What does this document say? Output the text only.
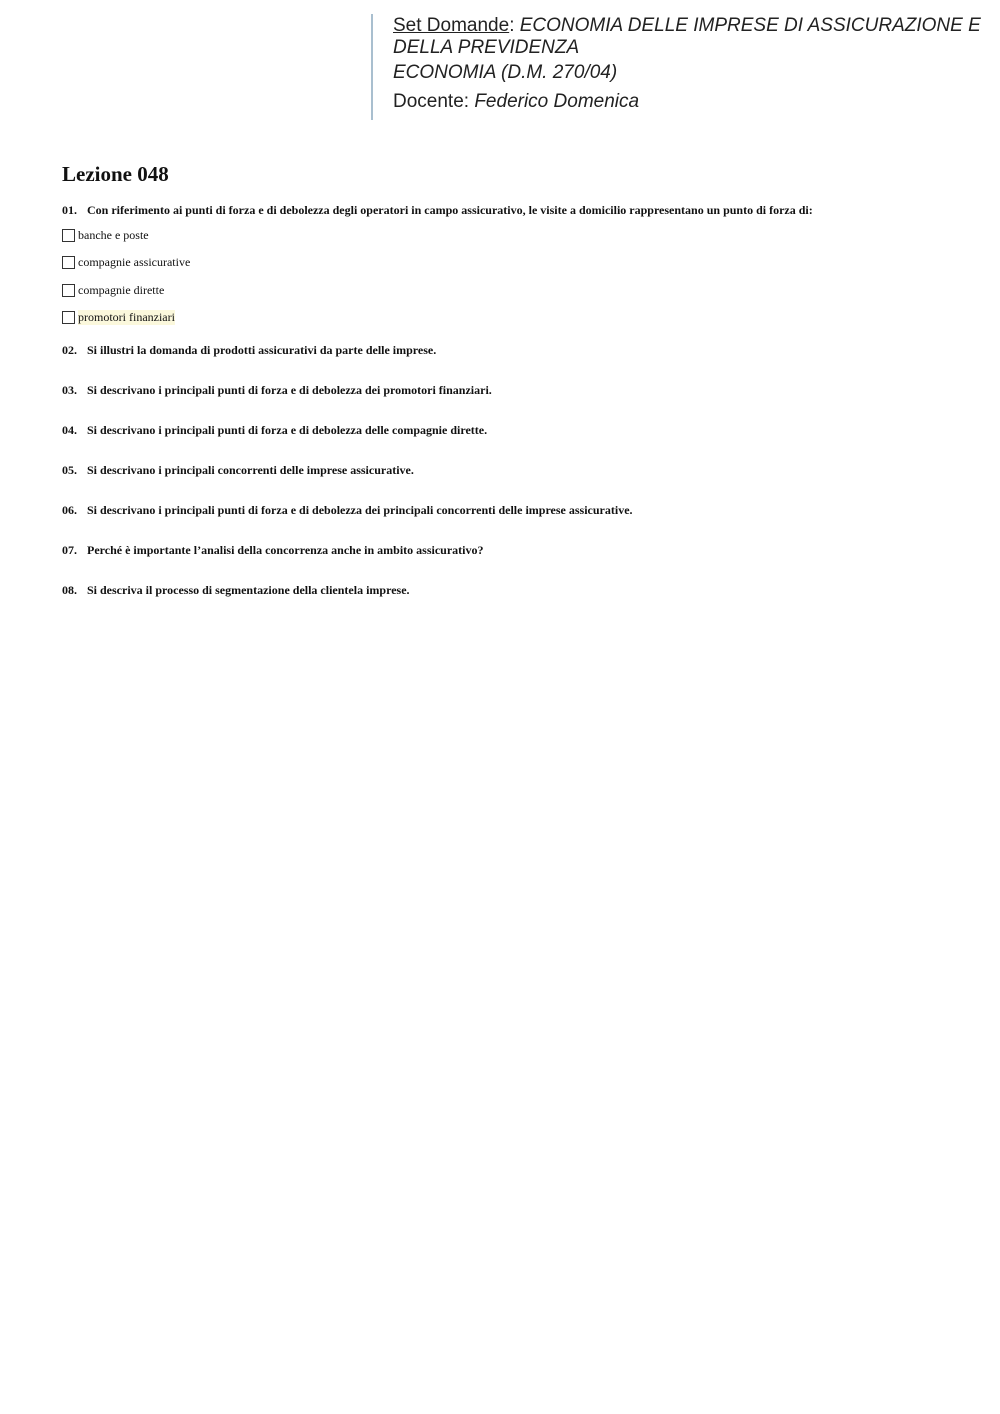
Set Domande: ECONOMIA DELLE IMPRESE DI ASSICURAZIONE E
DELLA PREVIDENZA
ECONOMIA (D.M. 270/04)
Docente: Federico Domenica
Lezione 048
01. Con riferimento ai punti di forza e di debolezza degli operatori in campo assicurativo, le visite a domicilio rappresentano un punto di forza di:
banche e poste
compagnie assicurative
compagnie dirette
promotori finanziari
02. Si illustri la domanda di prodotti assicurativi da parte delle imprese.
03. Si descrivano i principali punti di forza e di debolezza dei promotori finanziari.
04. Si descrivano i principali punti di forza e di debolezza delle compagnie dirette.
05. Si descrivano i principali concorrenti delle imprese assicurative.
06. Si descrivano i principali punti di forza e di debolezza dei principali concorrenti delle imprese assicurative.
07. Perché è importante l’analisi della concorrenza anche in ambito assicurativo?
08. Si descriva il processo di segmentazione della clientela imprese.
